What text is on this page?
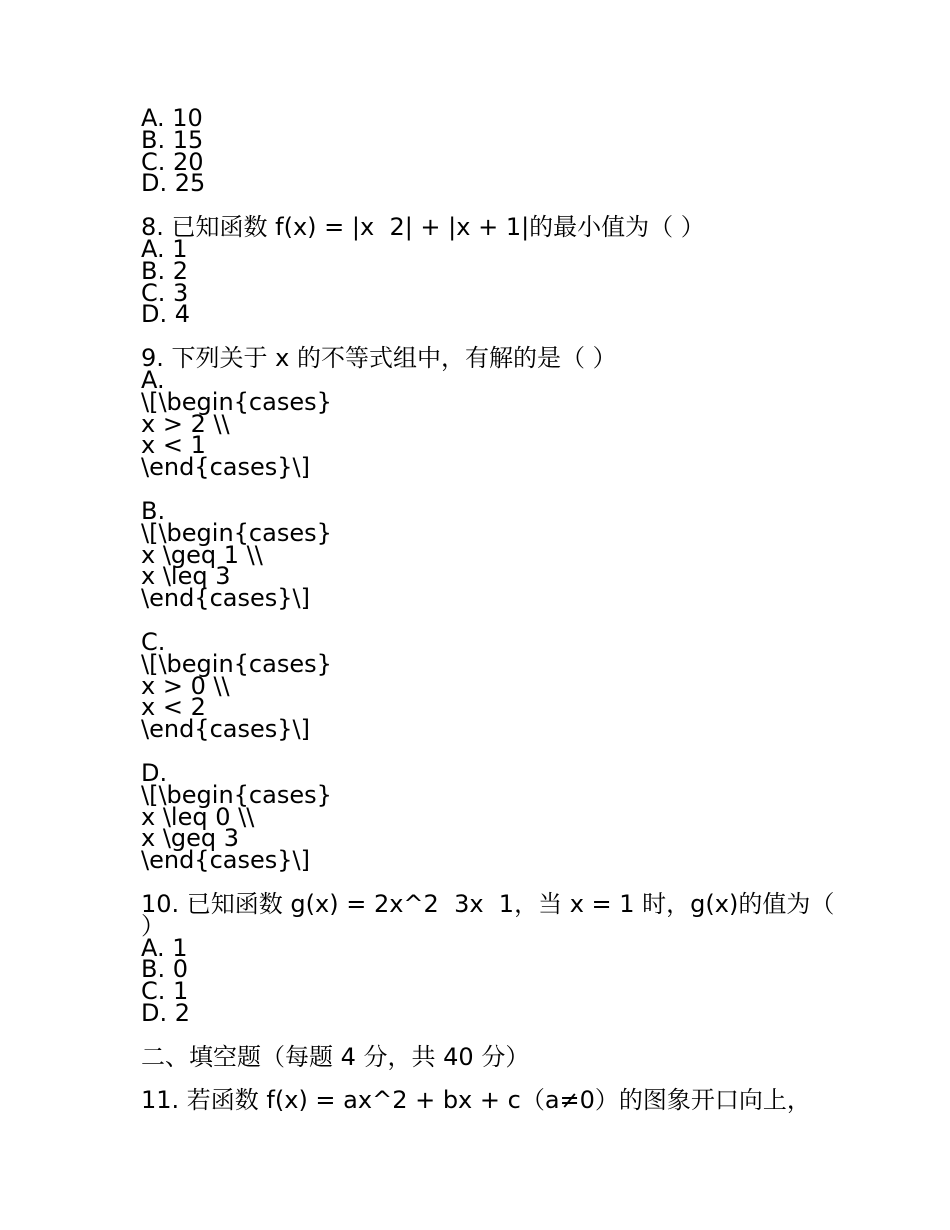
A. 10
B. 15
C. 20
D. 25
8. 已知函数 f(x) = |x  2| + |x + 1|的最小值为（ ）
A. 1
B. 2
C. 3
D. 4
9. 下列关于 x 的不等式组中，有解的是（ ）
A.
\[\begin{cases}
x > 2 \\
x < 1
\end{cases}\]
B.
\[\begin{cases}
x \geq 1 \\
x \leq 3
\end{cases}\]
C.
\[\begin{cases}
x > 0 \\
x < 2
\end{cases}\]
D.
\[\begin{cases}
x \leq 0 \\
x \geq 3
\end{cases}\]
10. 已知函数 g(x) = 2x^2  3x  1，当 x = 1 时，g(x)的值为（
）
A. 1
B. 0
C. 1
D. 2
二、填空题（每题 4 分，共 40 分）
11. 若函数 f(x) = ax^2 + bx + c（a≠0）的图象开口向上，
